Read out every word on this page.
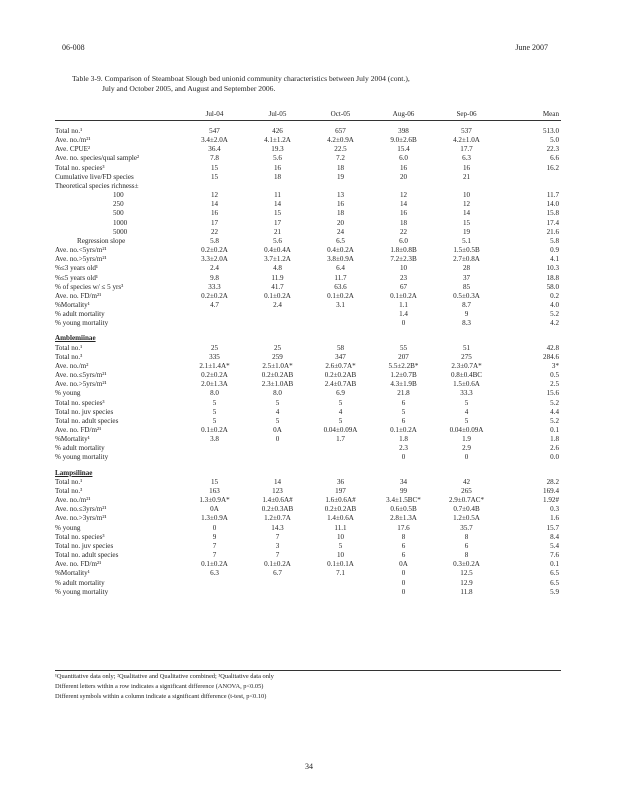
06-008	June 2007
Table 3-9. Comparison of Steamboat Slough bed unionid community characteristics between July 2004 (cont.),
July and October 2005, and August and September 2006.
	Jul-04	Jul-05	Oct-05	Aug-06	Sep-06	Mean
Total no.¹	547	426	657	398	537	513.0
Ave. no./m²¹	3.4±2.0A	4.1±1.2A	4.2±0.9A	9.0±2.6B	4.2±1.0A	5.0
Ave. CPUE²	36.4	19.3	22.5	15.4	17.7	22.3
Ave. no. species/qual sample²	7.8	5.6	7.2	6.0	6.3	6.6
Total no. species³	15	16	18	16	16	16.2
Cumulative live/FD species	15	18	19	20	21	
Theoretical species richness±						
100	12	11	13	12	10	11.7
250	14	14	16	14	12	14.0
500	16	15	18	16	14	15.8
1000	17	17	20	18	15	17.4
5000	22	21	24	22	19	21.6
Regression slope	5.8	5.6	6.5	6.0	5.1	5.8
Ave. no.<5yrs/m²¹	0.2±0.2A	0.4±0.4A	0.4±0.2A	1.8±0.8B	1.5±0.5B	0.9
Ave. no.>5yrs/m²¹	3.3±2.0A	3.7±1.2A	3.8±0.9A	7.2±2.3B	2.7±0.8A	4.1
%≤3 years old¹	2.4	4.8	6.4	10	28	10.3
%≤5 years old¹	9.8	11.9	11.7	23	37	18.8
% of species w/ ≤ 5 yrs³	33.3	41.7	63.6	67	85	58.0
Ave. no. FD/m²¹	0.2±0.2A	0.1±0.2A	0.1±0.2A	0.1±0.2A	0.5±0.3A	0.2
%Mortality¹	4.7	2.4	3.1	1.1	8.7	4.0
% adult mortality				1.4	9	5.2
% young mortality				0	8.3	4.2

Amblemiinae						
Total no.¹	25	25	58	55	51	42.8
Total no.³	335	259	347	207	275	284.6
Ave. no./m²	2.1±1.4A*	2.5±1.0A*	2.6±0.7A*	5.5±2.2B*	2.3±0.7A*	3*
Ave. no.≤5yrs/m²¹	0.2±0.2A	0.2±0.2AB	0.2±0.2AB	1.2±0.7B	0.8±0.4BC	0.5
Ave. no.>5yrs/m²¹	2.0±1.3A	2.3±1.0AB	2.4±0.7AB	4.3±1.9B	1.5±0.6A	2.5
% young	8.0	8.0	6.9	21.8	33.3	15.6
Total no. species³	5	5	5	6	5	5.2
Total no. juv species	5	4	4	5	4	4.4
Total no. adult species	5	5	5	6	5	5.2
Ave. no. FD/m²¹	0.1±0.2A	0A	0.04±0.09A	0.1±0.2A	0.04±0.09A	0.1
%Mortality¹	3.8	0	1.7	1.8	1.9	1.8
% adult mortality				2.3	2.9	2.6
% young mortality				0	0	0.0

Lampsilinae						
Total no.¹	15	14	36	34	42	28.2
Total no.³	163	123	197	99	265	169.4
Ave. no./m²¹	1.3±0.9A*	1.4±0.6A#	1.6±0.6A#	3.4±1.5BC*	2.9±0.7AC*	1.92#
Ave. no.≤3yrs/m²¹	0A	0.2±0.3AB	0.2±0.2AB	0.6±0.5B	0.7±0.4B	0.3
Ave. no.>3yrs/m²¹	1.3±0.9A	1.2±0.7A	1.4±0.6A	2.8±1.3A	1.2±0.5A	1.6
% young	0	14.3	11.1	17.6	35.7	15.7
Total no. species³	9	7	10	8	8	8.4
Total no. juv species	7	3	5	6	6	5.4
Total no. adult species	7	7	10	6	8	7.6
Ave. no. FD/m²¹	0.1±0.2A	0.1±0.2A	0.1±0.1A	0A	0.3±0.2A	0.1
%Mortality¹	6.3	6.7	7.1	0	12.5	6.5
% adult mortality				0	12.9	6.5
% young mortality				0	11.8	5.9
¹Quantitative data only; ²Qualitative and Qualitative combined; ³Qualitative data only
Different letters within a row indicates a significant difference (ANOVA, p<0.05)
Different symbols within a column indicate a significant difference (t-test, p<0.10)
34
